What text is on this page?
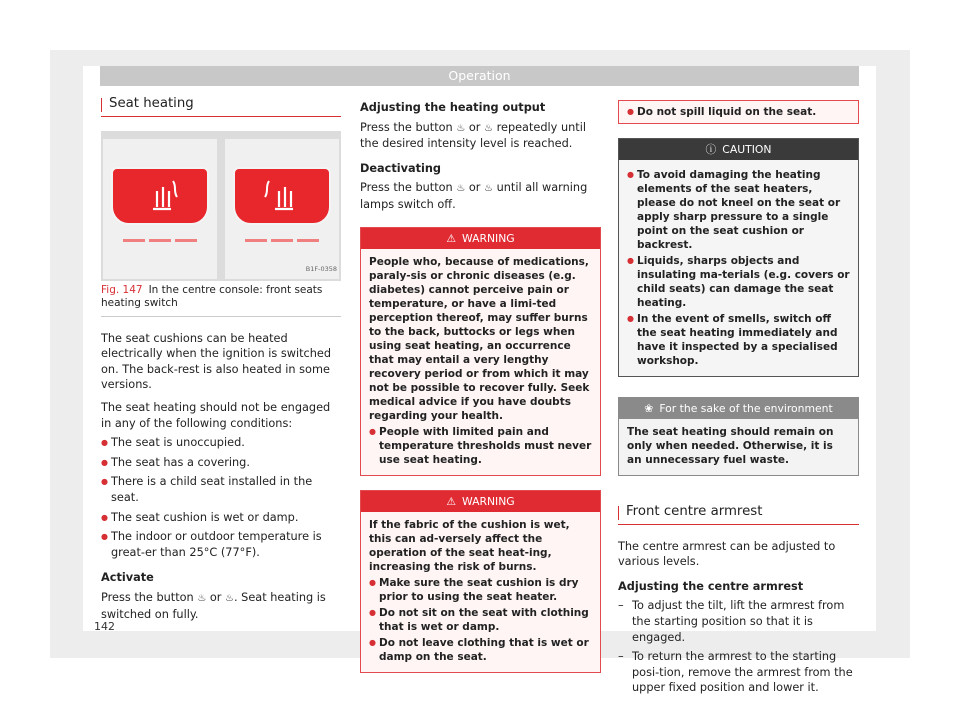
Operation
Seat heating
B1F-0358
Fig. 147 In the centre console: front seats heating switch

The seat cushions can be heated electrically when the ignition is switched on. The back-rest is also heated in some versions.

The seat heating should not be engaged in any of the following conditions:

● The seat is unoccupied.
● The seat has a covering.
● There is a child seat installed in the seat.
● The seat cushion is wet or damp.
● The indoor or outdoor temperature is great-er than 25°C (77°F).

Activate

Press the button ♨ or ♨. Seat heating is switched on fully.

Adjusting the heating output

Press the button ♨ or ♨ repeatedly until the desired intensity level is reached.

Deactivating

Press the button ♨ or ♨ until all warning lamps switch off.

⚠ WARNING
People who, because of medications, paraly-sis or chronic diseases (e.g. diabetes) cannot perceive pain or temperature, or have a limi-ted perception thereof, may suffer burns to the back, buttocks or legs when using seat heating, an occurrence that may entail a very lengthy recovery period or from which it may not be possible to recover fully. Seek medical advice if you have doubts regarding your health.
● People with limited pain and temperature thresholds must never use seat heating.
⚠ WARNING
If the fabric of the cushion is wet, this can ad-versely affect the operation of the seat heat-ing, increasing the risk of burns.
● Make sure the seat cushion is dry prior to using the seat heater.
● Do not sit on the seat with clothing that is wet or damp.
● Do not leave clothing that is wet or damp on the seat.
● Do not spill liquid on the seat.
ⓘ CAUTION
● To avoid damaging the heating elements of the seat heaters, please do not kneel on the seat or apply sharp pressure to a single point on the seat cushion or backrest.
● Liquids, sharps objects and insulating ma-terials (e.g. covers or child seats) can damage the seat heating.
● In the event of smells, switch off the seat heating immediately and have it inspected by a specialised workshop.
❀ For the sake of the environment
The seat heating should remain on only when needed. Otherwise, it is an unnecessary fuel waste.
Front centre armrest

The centre armrest can be adjusted to various levels.

Adjusting the centre armrest

– To adjust the tilt, lift the armrest from the starting position so that it is engaged.
– To return the armrest to the starting posi-tion, remove the armrest from the upper fixed position and lower it.
142
